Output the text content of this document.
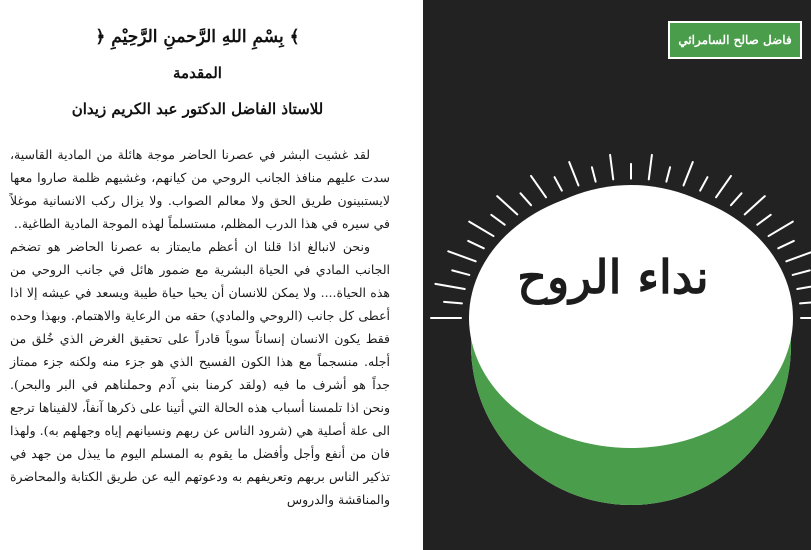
﴿ بِسْمِ اللهِ الرَّحمنِ الرَّحِيْمِ ﴾
المقدمة
للاستاذ الفاضل الدكتور عبد الكريم زيدان

لقد غشيت البشر في عصرنا الحاضر موجة هائلة من المادية القاسية، سدت عليهم منافذ الجانب الروحي من كيانهم، وغشيهم ظلمة صاروا معها لايستبينون طريق الحق ولا معالم الصواب. ولا يزال ركب الانسانية موغلاً في سيره في هذا الدرب المظلم، مستسلماً لهذه الموجة المادية الطاغية..

ونحن لانبالغ اذا قلنا ان أعظم مايمتاز به عصرنا الحاضر هو تضخم الجانب المادي في الحياة البشرية مع ضمور هائل في جانب الروحي من هذه الحياة.... ولا يمكن للانسان أن يحيا حياة طيبة ويسعد في عيشه إلا اذا أعطى كل جانب (الروحي والمادي) حقه من الرعاية والاهتمام. وبهذا وحده فقط يكون الانسان إنساناً سوياً قادراً على تحقيق الغرض الذي خُلق من أجله. منسجماً مع هذا الكون الفسيح الذي هو جزء منه ولكنه جزء ممتاز جداً هو أشرف ما فيه (ولقد كرمنا بني آدم وحملناهم في البر والبحر). ونحن اذا تلمسنا أسباب هذه الحالة التي أتينا على ذكرها آنفاً، لالفيناها ترجع الى علة أصلية هي (شرود الناس عن ربهم ونسيانهم إياه وجهلهم به). ولهذا فان من أنفع وأجل وأفضل ما يقوم به المسلم اليوم ما يبذل من جهد في تذكير الناس بربهم وتعريفهم به ودعوتهم اليه عن طريق الكتابة والمحاضرة والمناقشة والدروس

فاضل صالح السامرائي
نداء الروح
